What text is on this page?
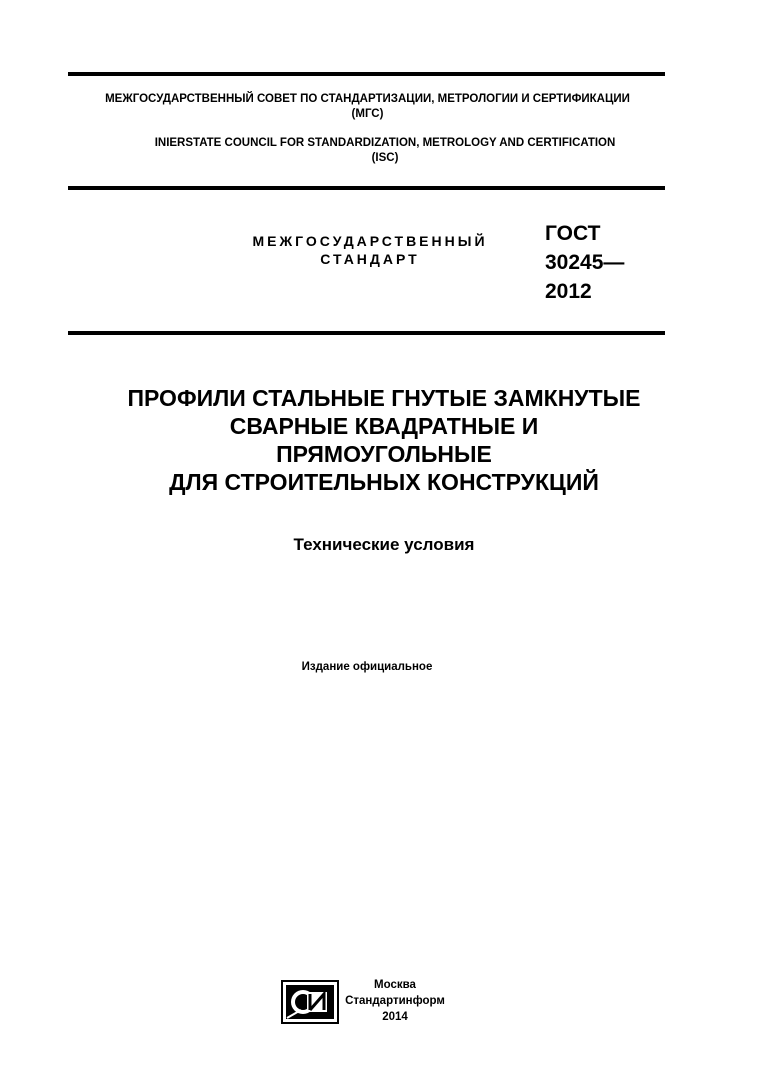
МЕЖГОСУДАРСТВЕННЫЙ СОВЕТ ПО СТАНДАРТИЗАЦИИ, МЕТРОЛОГИИ И СЕРТИФИКАЦИИ
(МГС)
INIERSTATE COUNCIL FOR STANDARDIZATION, METROLOGY AND CERTIFICATION
(ISC)
МЕЖГОСУДАРСТВЕННЫЙ
СТАНДАРТ
ГОСТ
30245—
2012
ПРОФИЛИ СТАЛЬНЫЕ ГНУТЫЕ ЗАМКНУТЫЕ
СВАРНЫЕ КВАДРАТНЫЕ И
ПРЯМОУГОЛЬНЫЕ
ДЛЯ СТРОИТЕЛЬНЫХ КОНСТРУКЦИЙ
Технические условия
Издание официальное
Москва
Стандартинформ
2014
